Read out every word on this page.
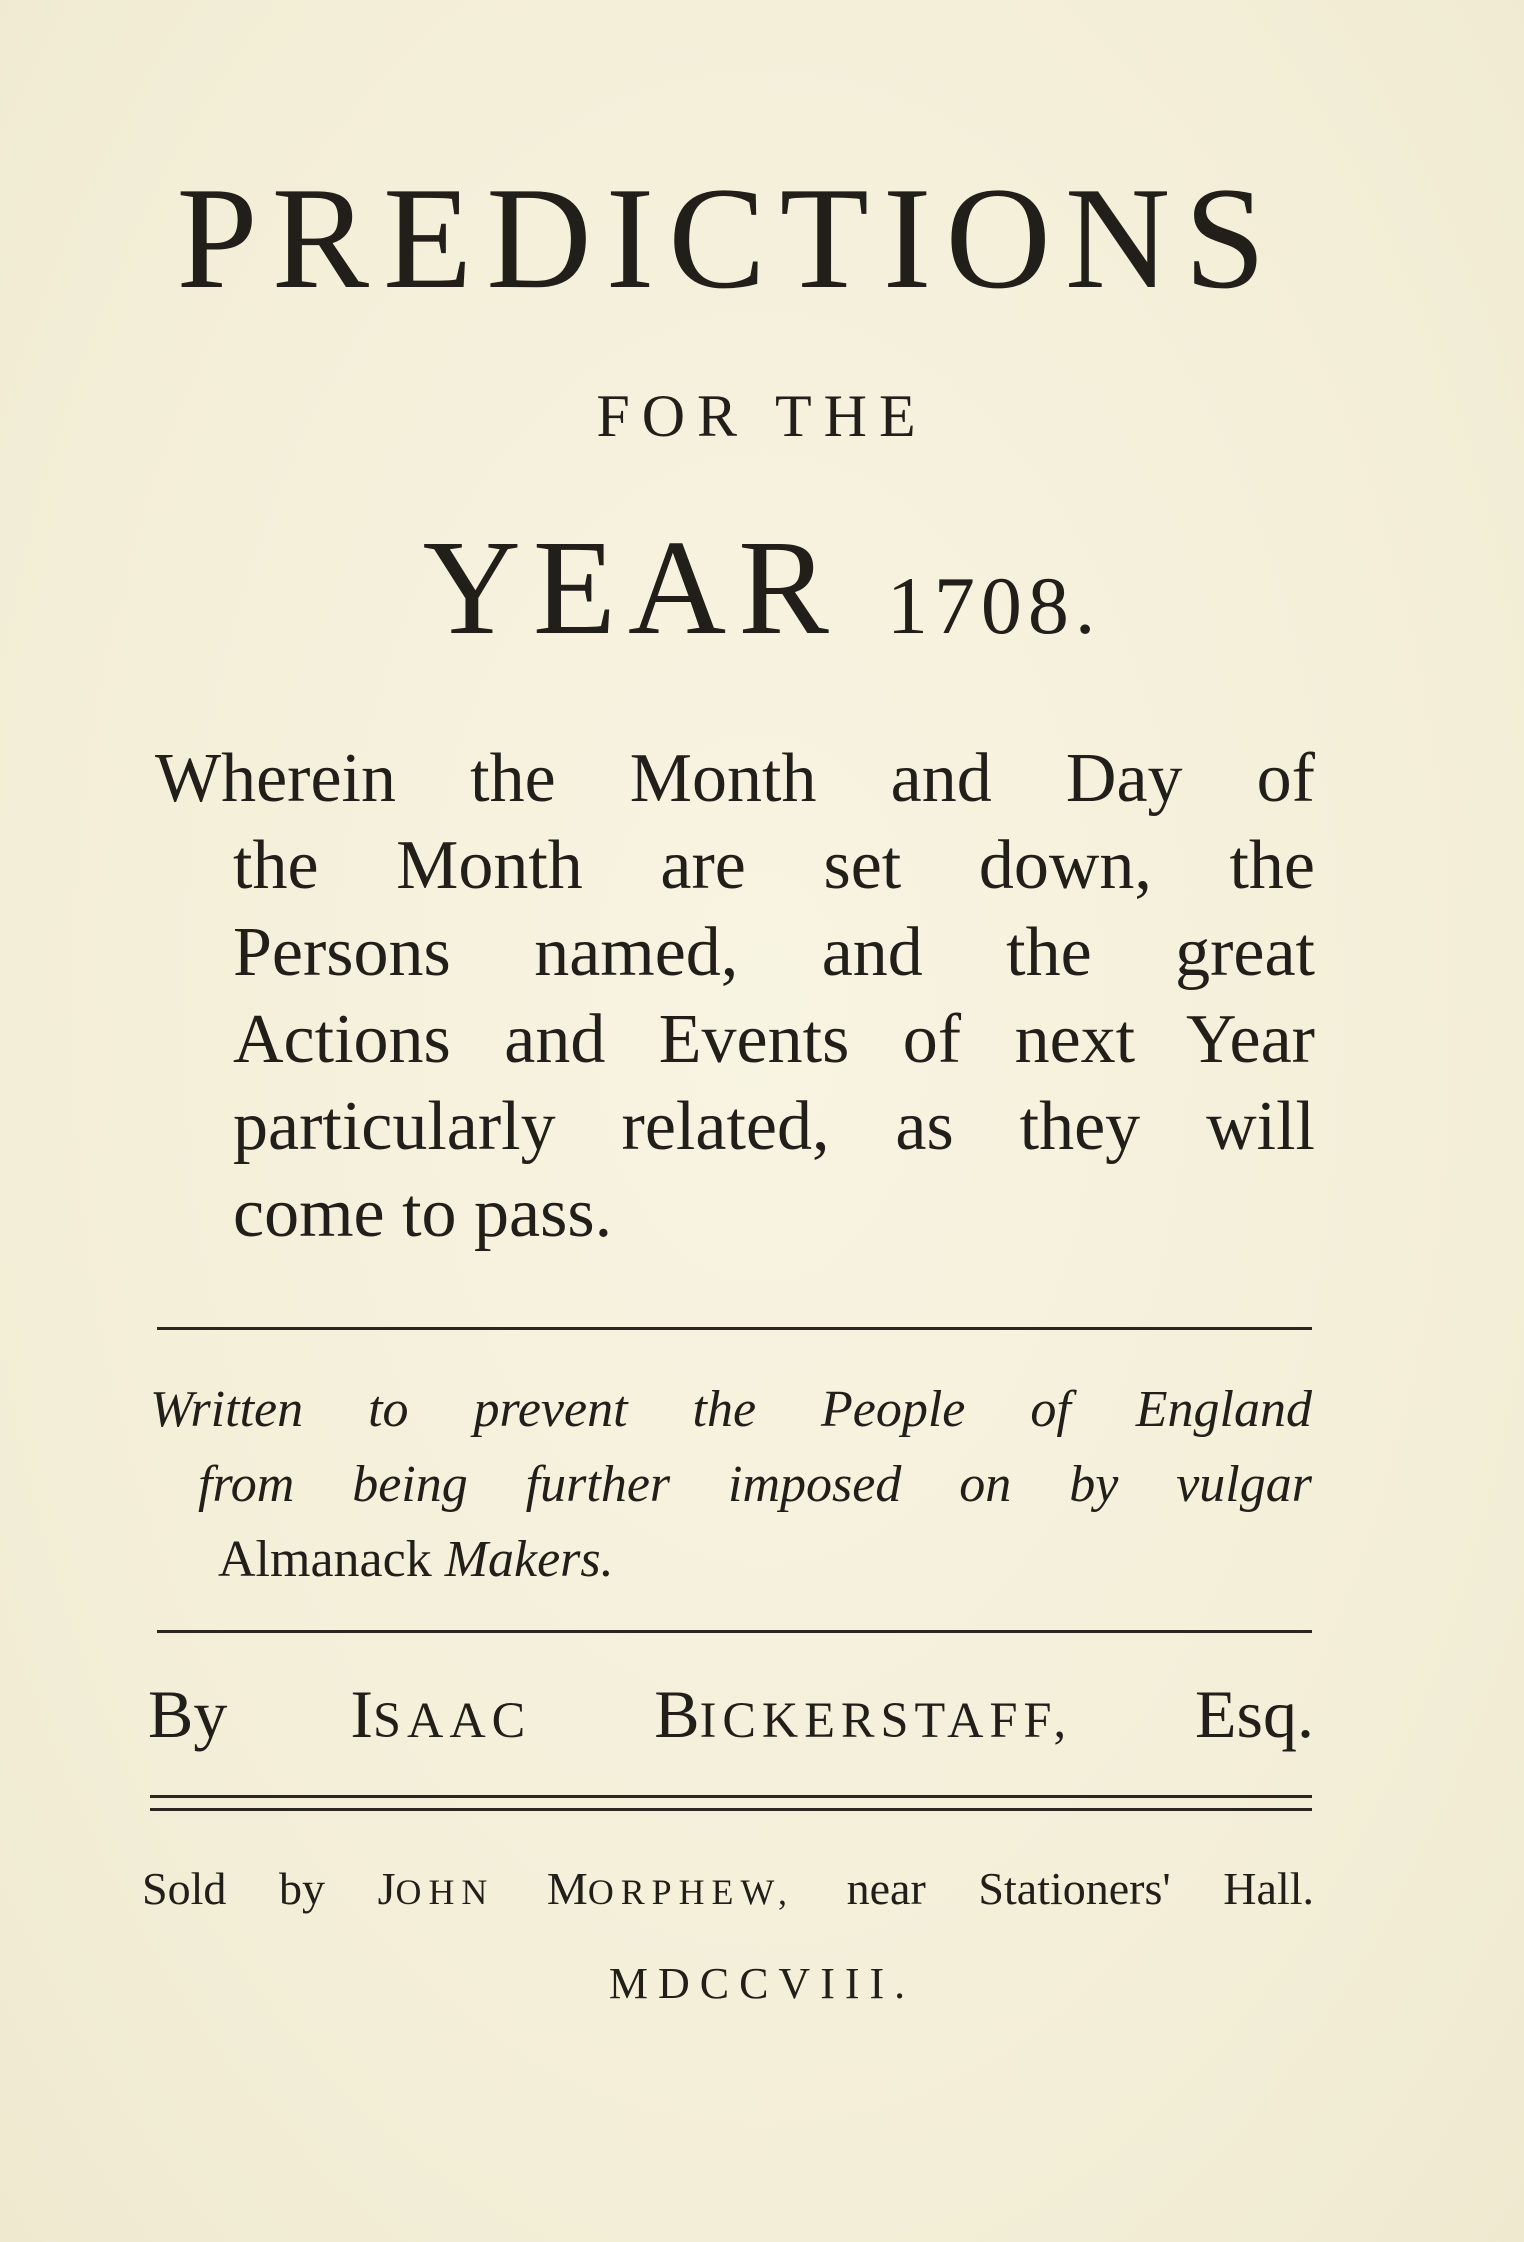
PREDICTIONS
FOR THE
YEAR 1708.
Wherein the Month and Day of
the Month are set down, the
Persons named, and the great
Actions and Events of next Year
particularly related, as they will
come to pass.
Written to prevent the People of England
from being further imposed on by vulgar
Almanack Makers.
By ISAAC BICKERSTAFF, Esq.
Sold by JOHN MORPHEW, near Stationers' Hall.
MDCCVIII.
